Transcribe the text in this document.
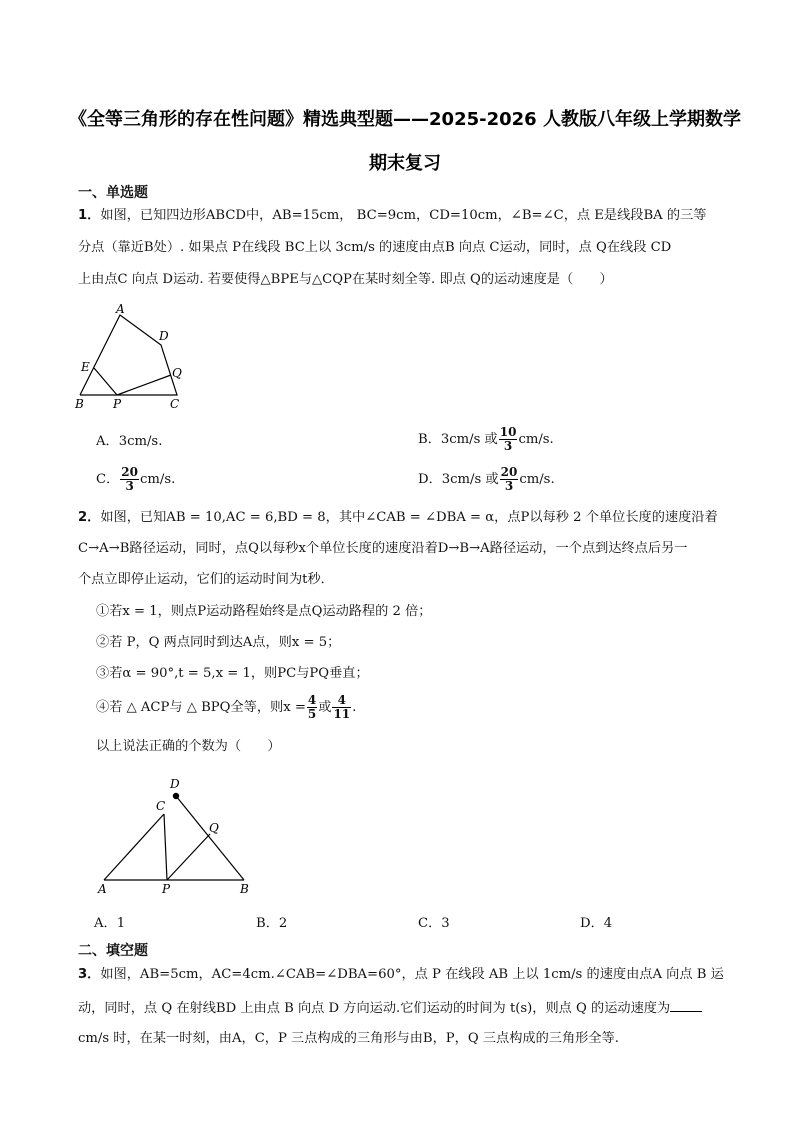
《全等三角形的存在性问题》精选典型题——2025-2026 人教版八年级上学期数学
期末复习
一、单选题
1．如图，已知四边形ABCD中，AB=15cm， BC=9cm，CD=10cm，∠B=∠C，点 E是线段BA 的三等
分点（靠近B处）. 如果点 P在线段 BC上以 3cm/s 的速度由点B 向点 C运动，同时，点 Q在线段 CD
上由点C 向点 D运动. 若要使得△BPE与△CQP在某时刻全等. 即点 Q的运动速度是（　　）
A
D
E	Q
B P	C
A．3cm/s.	B．3cm/s 或 $\frac{10}{3} cm/s$.
C． $\frac{20}{3} cm/s$.	D．3cm/s 或 $\frac{20}{3} cm/s$.
2．如图，已知AB = 10,AC = 6,BD = 8，其中∠CAB = ∠DBA = α，点P以每秒 2 个单位长度的速度沿着
C→A→B路径运动，同时，点Q以每秒x个单位长度的速度沿着D→B→A路径运动，一个点到达终点后另一
个点立即停止运动，它们的运动时间为t秒．
①若x = 1，则点P运动路程始终是点Q运动路程的 2 倍；
②若 P，Q 两点同时到达A点，则x = 5；
③若α = 90°,t = 5,x = 1，则PC与PQ垂直；
④若 △ ACP与 △ BPQ全等，则$x = \frac{4}{5}$ 或 $\frac{4}{11}$ .
以上说法正确的个数为（　　）
D
C
Q
A	P	B
A．1	B．2	C．3	D．4
二、填空题
3．如图，AB=5cm，AC=4cm.∠CAB=∠DBA=60°，点 P 在线段 AB 上以 1cm/s 的速度由点A 向点 B 运
动，同时，点 Q 在射线BD 上由点 B 向点 D 方向运动.它们运动的时间为 t(s)，则点 Q 的运动速度为
cm/s 时，在某一时刻，由A，C，P 三点构成的三角形与由B，P，Q 三点构成的三角形全等.
